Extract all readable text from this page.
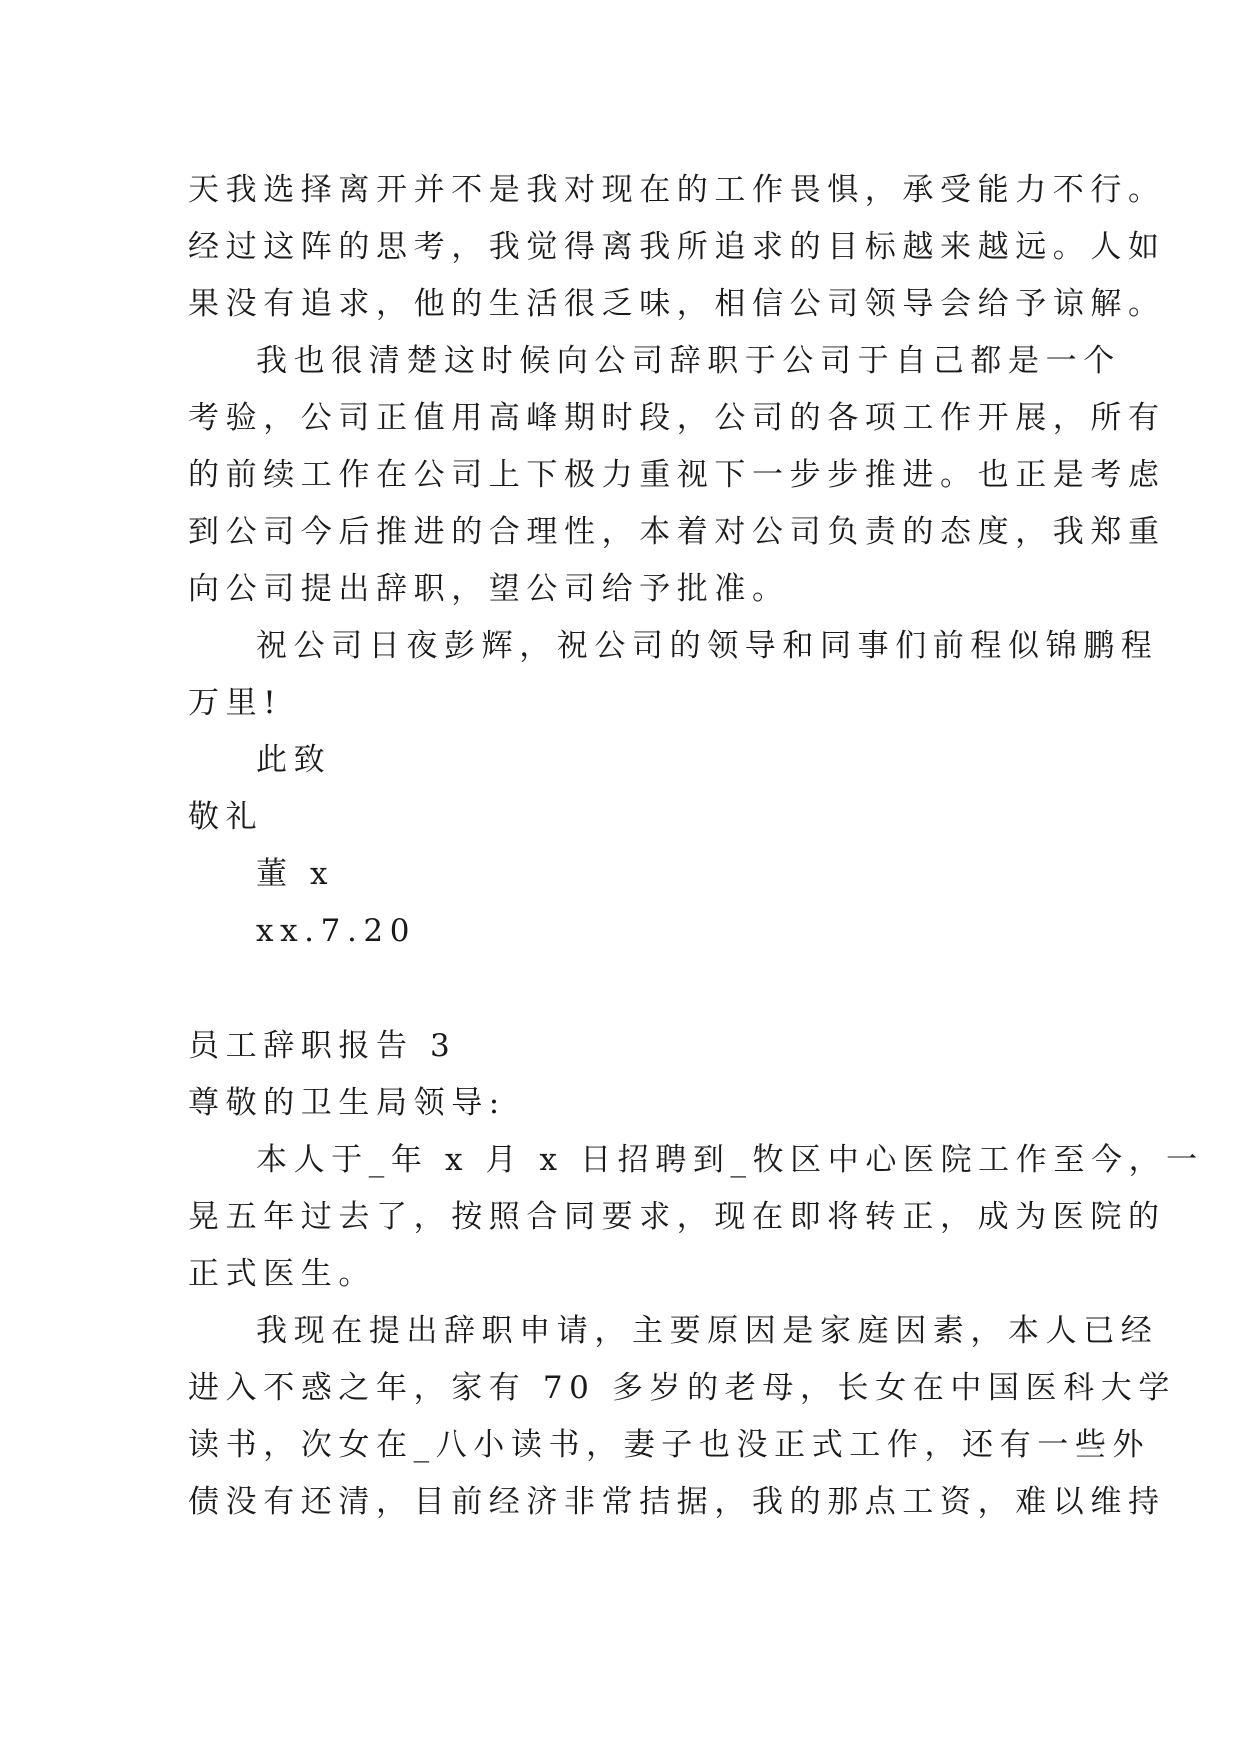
天我选择离开并不是我对现在的工作畏惧，承受能力不行。
经过这阵的思考，我觉得离我所追求的目标越来越远。人如
果没有追求，他的生活很乏味，相信公司领导会给予谅解。
我也很清楚这时候向公司辞职于公司于自己都是一个
考验，公司正值用高峰期时段，公司的各项工作开展，所有
的前续工作在公司上下极力重视下一步步推进。也正是考虑
到公司今后推进的合理性，本着对公司负责的态度，我郑重
向公司提出辞职，望公司给予批准。
祝公司日夜彭辉，祝公司的领导和同事们前程似锦鹏程
万里!
此致
敬礼
董 x
xx.7.20
员工辞职报告 3
尊敬的卫生局领导:
本人于_年 x 月 x 日招聘到_牧区中心医院工作至今，一
晃五年过去了，按照合同要求，现在即将转正，成为医院的
正式医生。
我现在提出辞职申请，主要原因是家庭因素，本人已经
进入不惑之年，家有 70 多岁的老母，长女在中国医科大学
读书，次女在_八小读书，妻子也没正式工作，还有一些外
债没有还清，目前经济非常拮据，我的那点工资，难以维持
